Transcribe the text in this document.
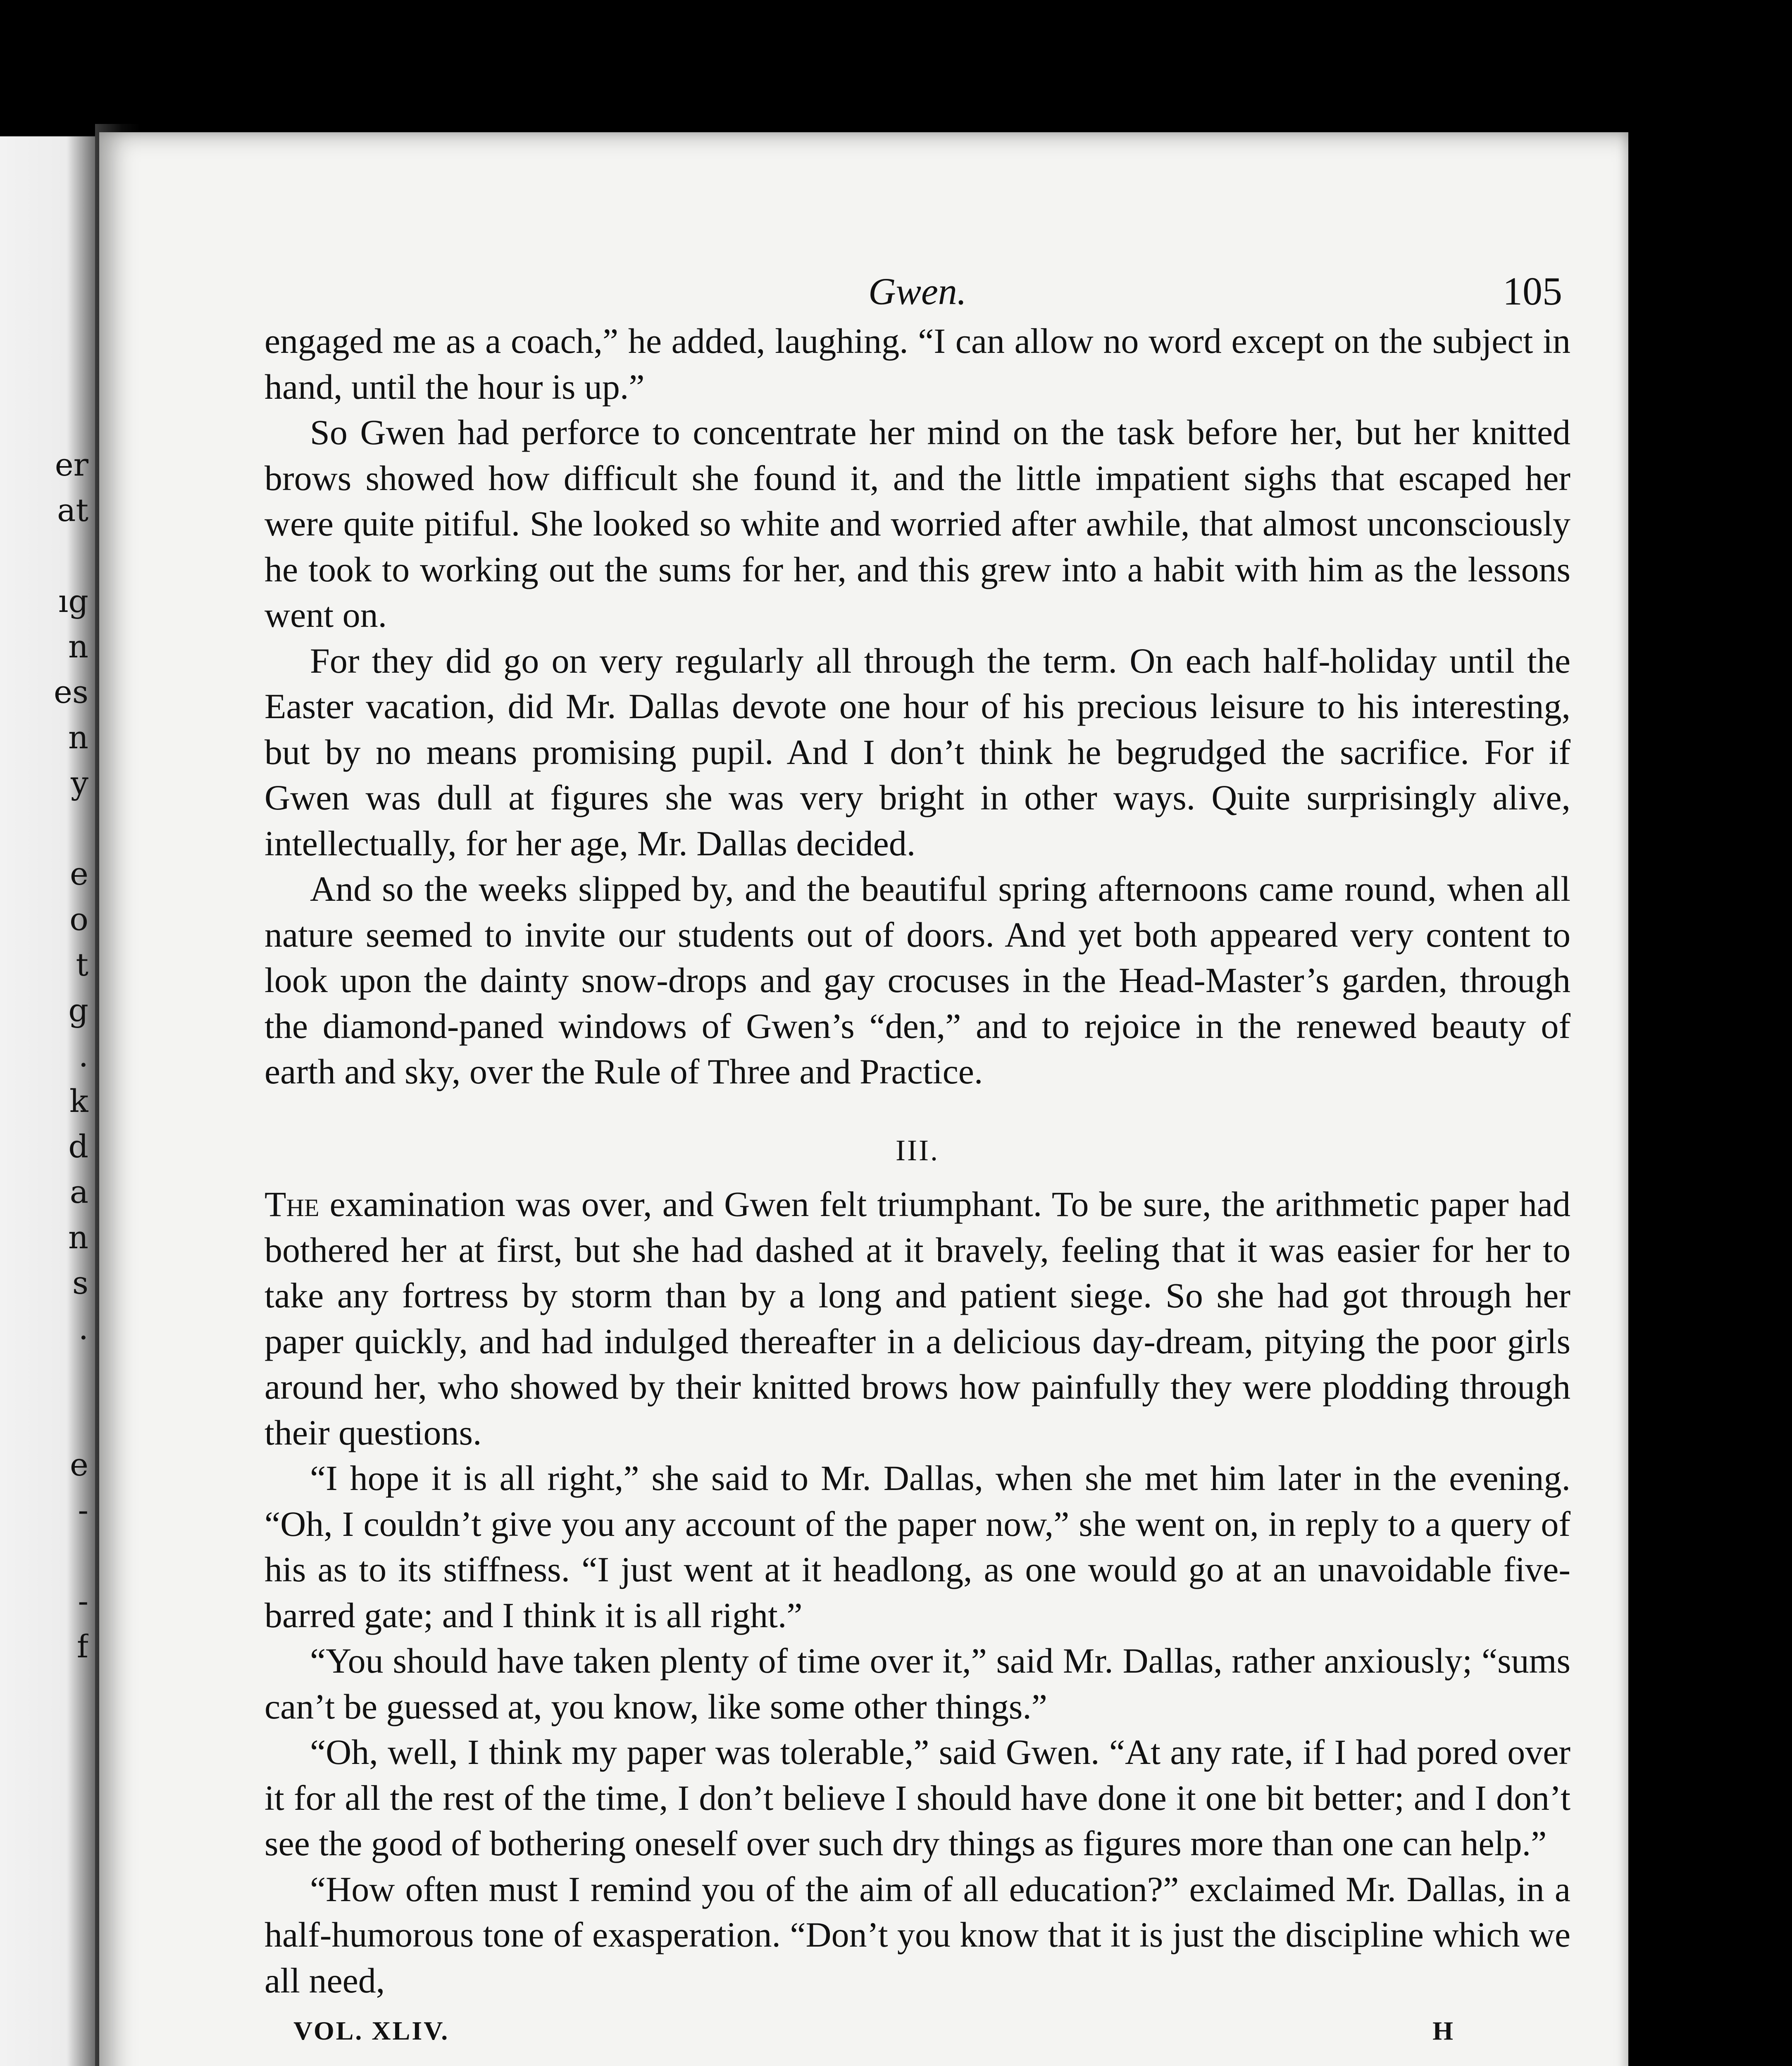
er
at
ıg
n
es
n
y
e
o
t
g
.
k
d
a
n
s
.
e
-
-
f
Gwen.	105

engaged me as a coach,” he added, laughing. “I can allow no word except on the subject in hand, until the hour is up.”

So Gwen had perforce to concentrate her mind on the task before her, but her knitted brows showed how difficult she found it, and the little impatient sighs that escaped her were quite pitiful. She looked so white and worried after awhile, that almost unconsciously he took to working out the sums for her, and this grew into a habit with him as the lessons went on.

For they did go on very regularly all through the term. On each half-holiday until the Easter vacation, did Mr. Dallas devote one hour of his precious leisure to his interesting, but by no means promising pupil. And I don’t think he begrudged the sacrifice. For if Gwen was dull at figures she was very bright in other ways. Quite surprisingly alive, intellectually, for her age, Mr. Dallas decided.

And so the weeks slipped by, and the beautiful spring afternoons came round, when all nature seemed to invite our students out of doors. And yet both appeared very content to look upon the dainty snow-drops and gay crocuses in the Head-Master’s garden, through the diamond-paned windows of Gwen’s “den,” and to rejoice in the renewed beauty of earth and sky, over the Rule of Three and Practice.

III.

The examination was over, and Gwen felt triumphant. To be sure, the arithmetic paper had bothered her at first, but she had dashed at it bravely, feeling that it was easier for her to take any fortress by storm than by a long and patient siege. So she had got through her paper quickly, and had indulged thereafter in a delicious day-dream, pitying the poor girls around her, who showed by their knitted brows how painfully they were plodding through their questions.

“I hope it is all right,” she said to Mr. Dallas, when she met him later in the evening. “Oh, I couldn’t give you any account of the paper now,” she went on, in reply to a query of his as to its stiffness. “I just went at it headlong, as one would go at an unavoidable five-barred gate; and I think it is all right.”

“You should have taken plenty of time over it,” said Mr. Dallas, rather anxiously; “sums can’t be guessed at, you know, like some other things.”

“Oh, well, I think my paper was tolerable,” said Gwen. “At any rate, if I had pored over it for all the rest of the time, I don’t believe I should have done it one bit better; and I don’t see the good of bothering oneself over such dry things as figures more than one can help.”

“How often must I remind you of the aim of all education?” exclaimed Mr. Dallas, in a half-humorous tone of exasperation. “Don’t you know that it is just the discipline which we all need,

VOL. XLIV.	H
